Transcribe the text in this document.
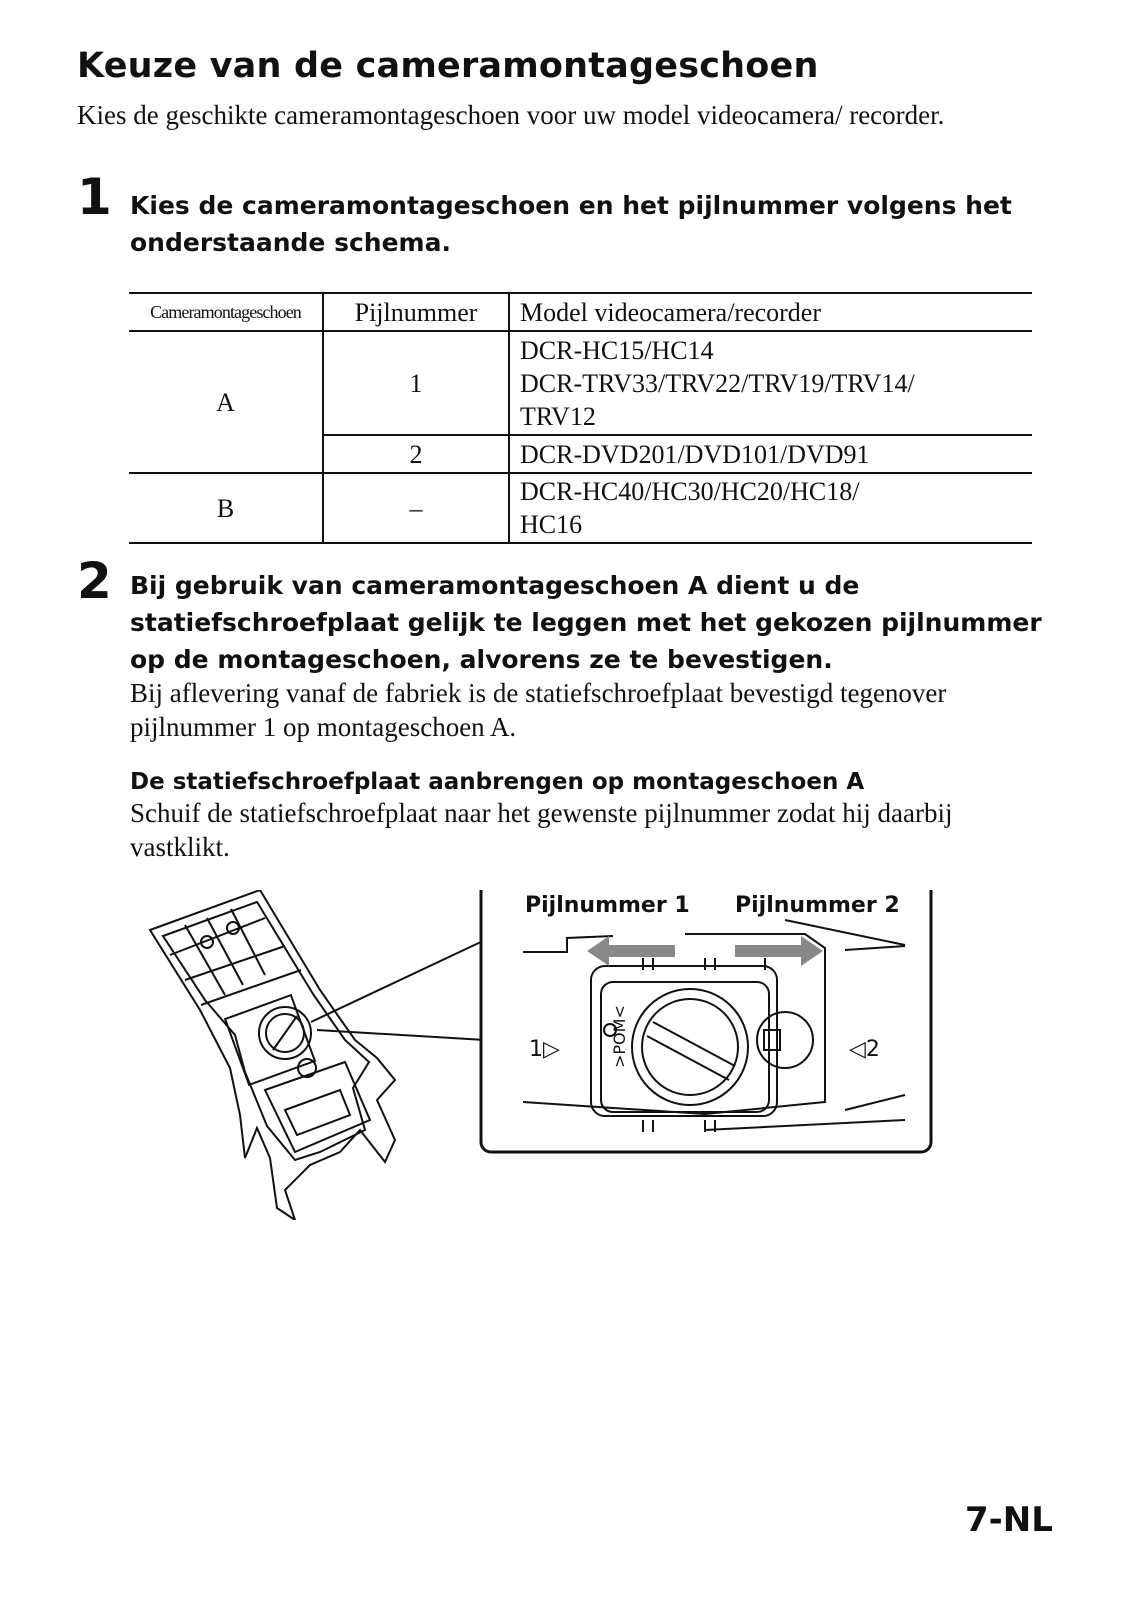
Keuze van de cameramontageschoen

Kies de geschikte cameramontageschoen voor uw model videocamera/ recorder.

1 Kies de cameramontageschoen en het pijlnummer volgens het onderstaande schema.

Cameramontageschoen	Pijlnummer	Model videocamera/recorder
A	1	DCR-HC15/HC14
DCR-TRV33/TRV22/TRV19/TRV14/
TRV12

	2	DCR-DVD201/DVD101/DVD91

B	–	DCR-HC40/HC30/HC20/HC18/
HC16
2 Bij gebruik van cameramontageschoen A dient u de statiefschroefplaat gelijk te leggen met het gekozen pijlnummer op de montageschoen, alvorens ze te bevestigen.

Bij aflevering vanaf de fabriek is de statiefschroefplaat bevestigd tegenover pijlnummer 1 op montageschoen A.

De statiefschroefplaat aanbrengen op montageschoen A

Schuif de statiefschroefplaat naar het gewenste pijlnummer zodat hij daarbij vastklikt.

Pijlnummer 1 Pijlnummer 2
1▷	◁2
>POM<
7-NL
